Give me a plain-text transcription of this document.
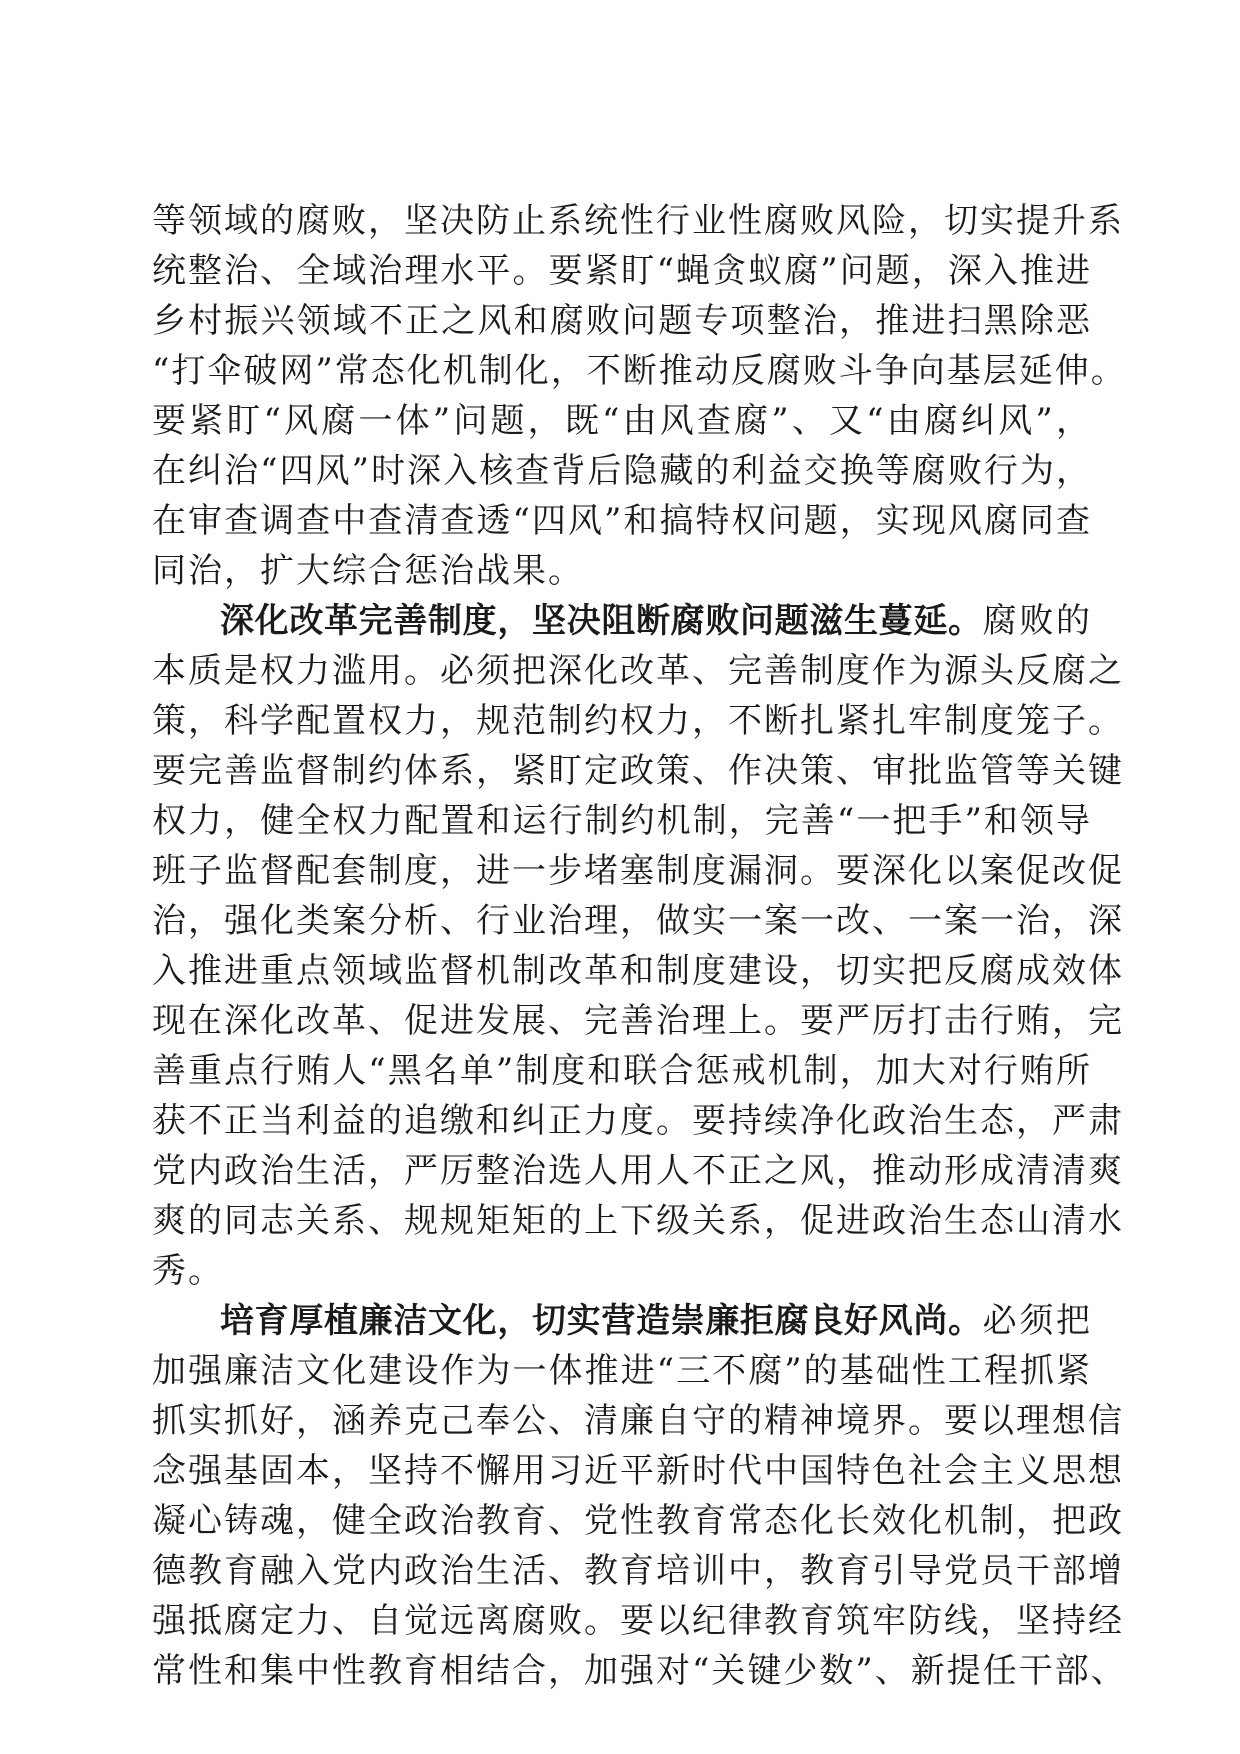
等领域的腐败，坚决防止系统性行业性腐败风险，切实提升系
统整治、全域治理水平。要紧盯“蝇贪蚁腐”问题，深入推进
乡村振兴领域不正之风和腐败问题专项整治，推进扫黑除恶
“打伞破网”常态化机制化，不断推动反腐败斗争向基层延伸。
要紧盯“风腐一体”问题，既“由风查腐”、又“由腐纠风”，
在纠治“四风”时深入核查背后隐藏的利益交换等腐败行为，
在审查调查中查清查透“四风”和搞特权问题，实现风腐同查
同治，扩大综合惩治战果。
深化改革完善制度，坚决阻断腐败问题滋生蔓延。腐败的
本质是权力滥用。必须把深化改革、完善制度作为源头反腐之
策，科学配置权力，规范制约权力，不断扎紧扎牢制度笼子。
要完善监督制约体系，紧盯定政策、作决策、审批监管等关键
权力，健全权力配置和运行制约机制，完善“一把手”和领导
班子监督配套制度，进一步堵塞制度漏洞。要深化以案促改促
治，强化类案分析、行业治理，做实一案一改、一案一治，深
入推进重点领域监督机制改革和制度建设，切实把反腐成效体
现在深化改革、促进发展、完善治理上。要严厉打击行贿，完
善重点行贿人“黑名单”制度和联合惩戒机制，加大对行贿所
获不正当利益的追缴和纠正力度。要持续净化政治生态，严肃
党内政治生活，严厉整治选人用人不正之风，推动形成清清爽
爽的同志关系、规规矩矩的上下级关系，促进政治生态山清水
秀。
培育厚植廉洁文化，切实营造崇廉拒腐良好风尚。必须把
加强廉洁文化建设作为一体推进“三不腐”的基础性工程抓紧
抓实抓好，涵养克己奉公、清廉自守的精神境界。要以理想信
念强基固本，坚持不懈用习近平新时代中国特色社会主义思想
凝心铸魂，健全政治教育、党性教育常态化长效化机制，把政
德教育融入党内政治生活、教育培训中，教育引导党员干部增
强抵腐定力、自觉远离腐败。要以纪律教育筑牢防线，坚持经
常性和集中性教育相结合，加强对“关键少数”、新提任干部、
